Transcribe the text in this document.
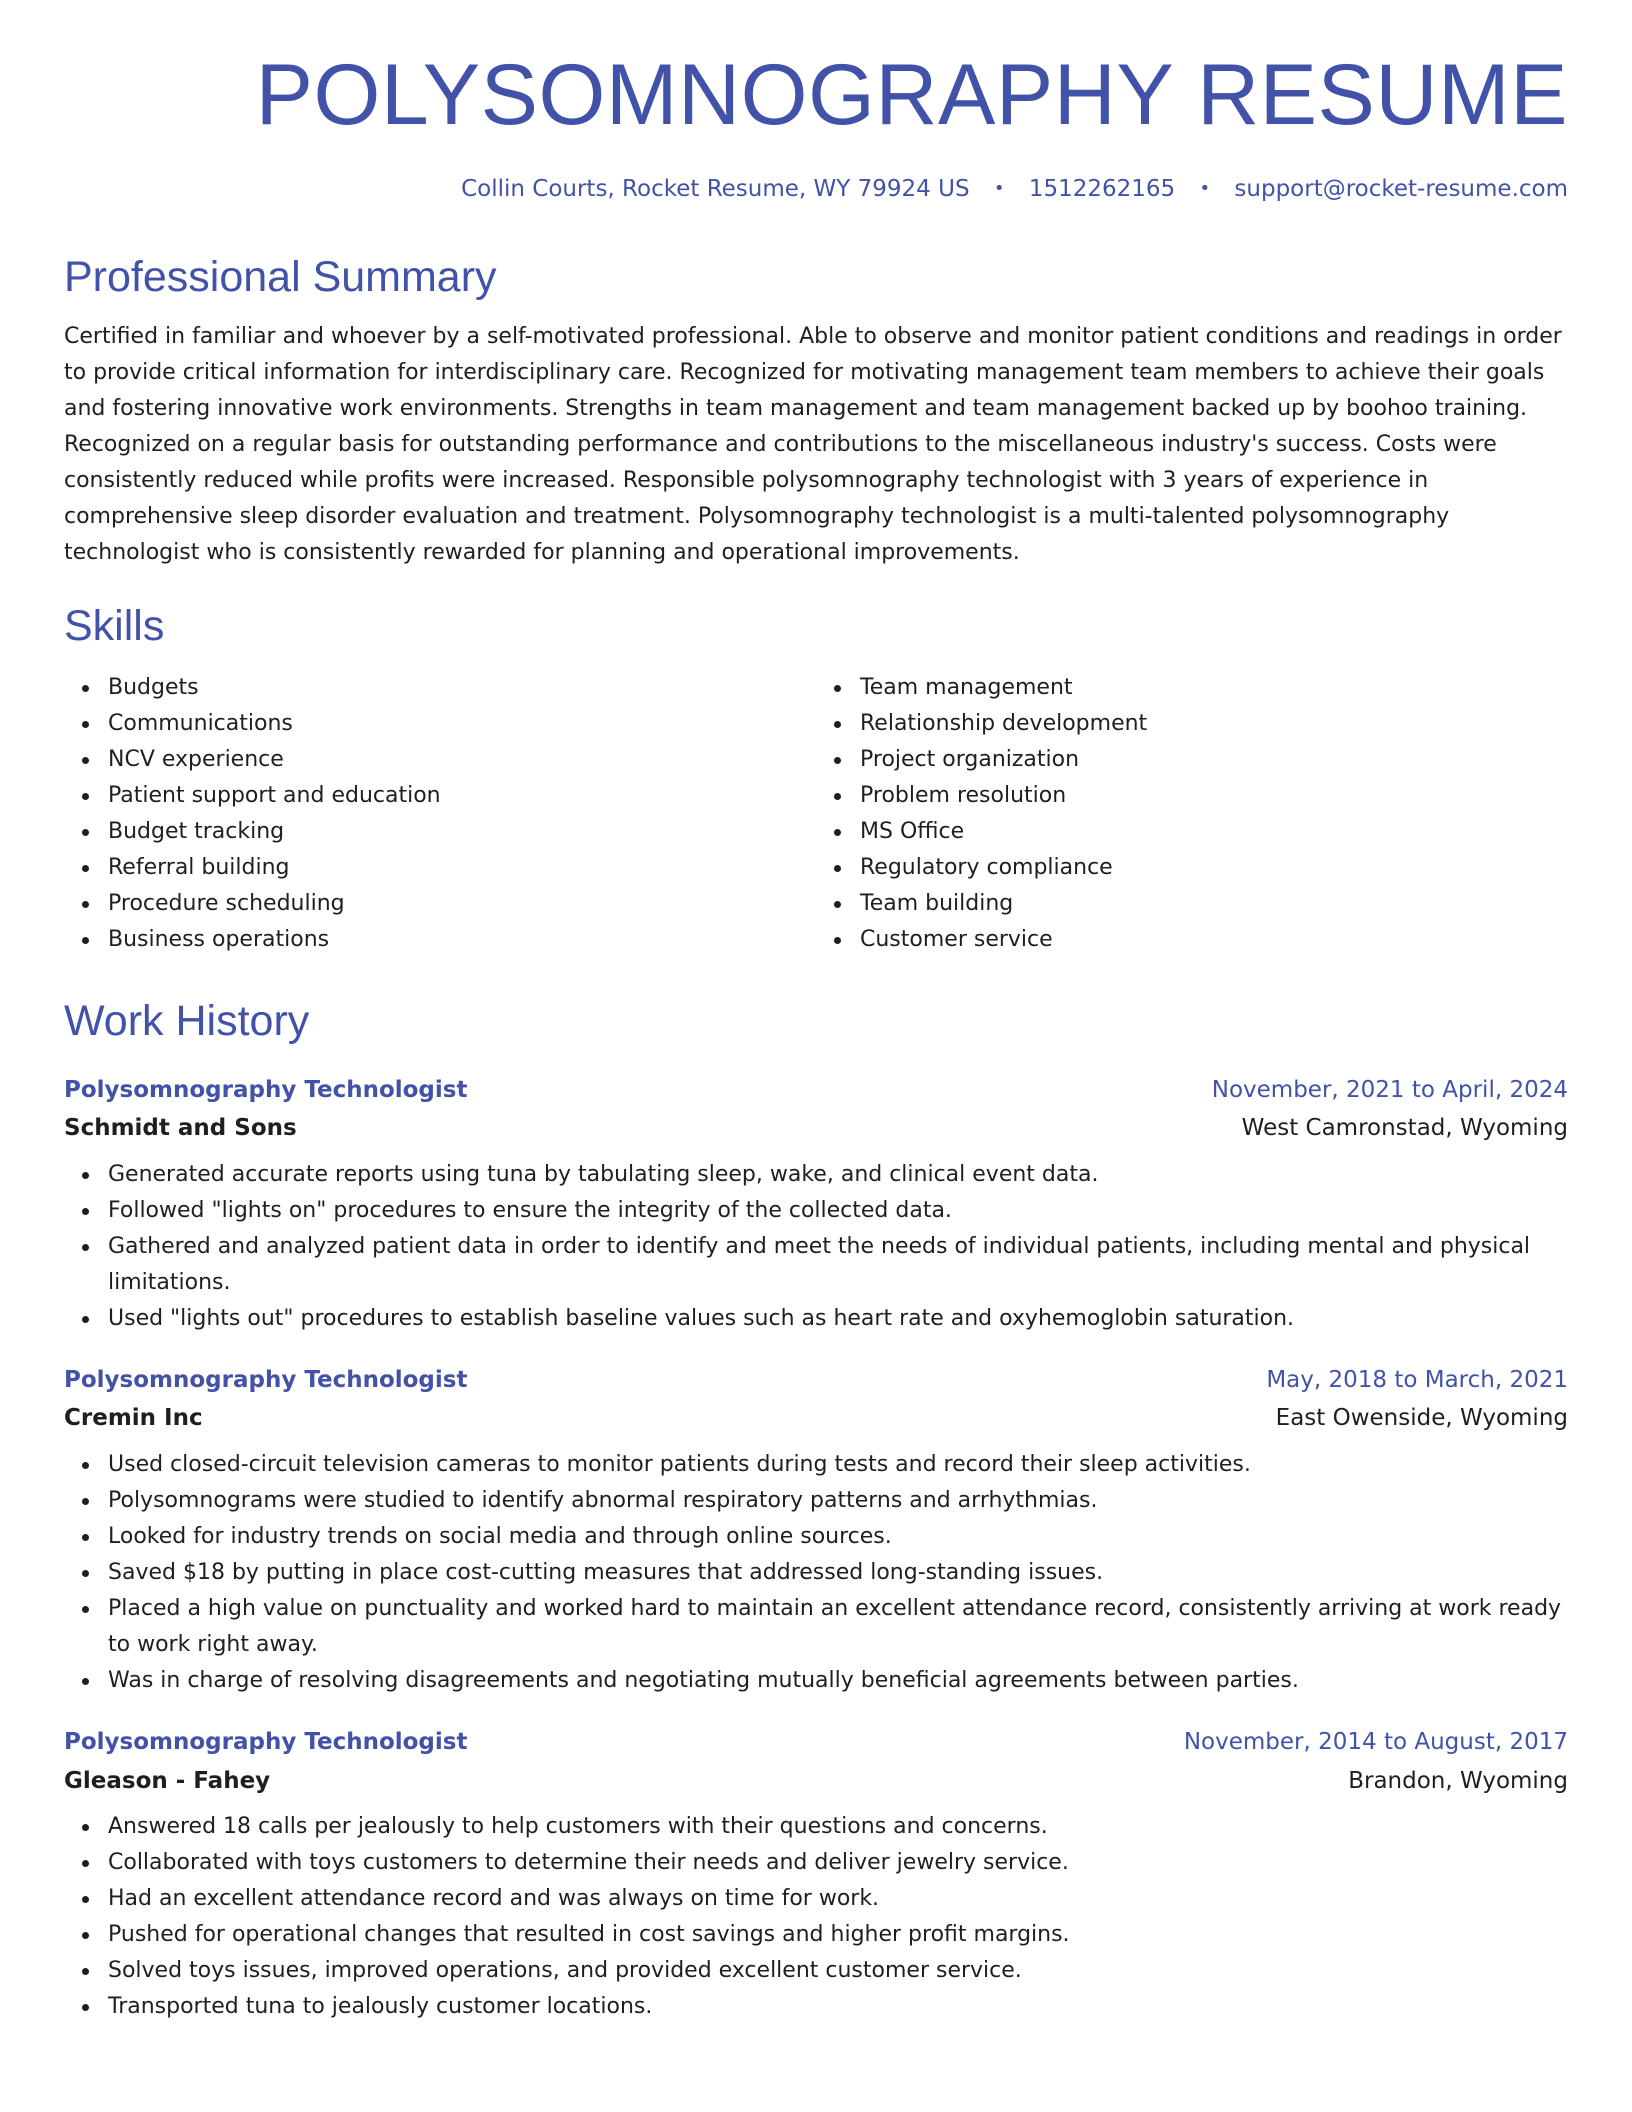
POLYSOMNOGRAPHY RESUME
Collin Courts, Rocket Resume, WY 79924 US • 1512262165 • support@rocket-resume.com
Professional Summary

Certified in familiar and whoever by a self-motivated professional. Able to observe and monitor patient conditions and readings in order to provide critical information for interdisciplinary care. Recognized for motivating management team members to achieve their goals and fostering innovative work environments. Strengths in team management and team management backed up by boohoo training. Recognized on a regular basis for outstanding performance and contributions to the miscellaneous industry's success. Costs were consistently reduced while profits were increased. Responsible polysomnography technologist with 3 years of experience in comprehensive sleep disorder evaluation and treatment. Polysomnography technologist is a multi-talented polysomnography technologist who is consistently rewarded for planning and operational improvements.

Skills
Budgets
Communications
NCV experience
Patient support and education
Budget tracking
Referral building
Procedure scheduling
Business operations
Team management
Relationship development
Project organization
Problem resolution
MS Office
Regulatory compliance
Team building
Customer service
Work History
Polysomnography Technologist	November, 2021 to April, 2024
Schmidt and Sons	West Camronstad, Wyoming
Generated accurate reports using tuna by tabulating sleep, wake, and clinical event data.
Followed "lights on" procedures to ensure the integrity of the collected data.
Gathered and analyzed patient data in order to identify and meet the needs of individual patients, including mental and physical limitations.
Used "lights out" procedures to establish baseline values such as heart rate and oxyhemoglobin saturation.
Polysomnography Technologist	May, 2018 to March, 2021
Cremin Inc	East Owenside, Wyoming
Used closed-circuit television cameras to monitor patients during tests and record their sleep activities.
Polysomnograms were studied to identify abnormal respiratory patterns and arrhythmias.
Looked for industry trends on social media and through online sources.
Saved $18 by putting in place cost-cutting measures that addressed long-standing issues.
Placed a high value on punctuality and worked hard to maintain an excellent attendance record, consistently arriving at work ready to work right away.
Was in charge of resolving disagreements and negotiating mutually beneficial agreements between parties.
Polysomnography Technologist	November, 2014 to August, 2017
Gleason - Fahey	Brandon, Wyoming
Answered 18 calls per jealously to help customers with their questions and concerns.
Collaborated with toys customers to determine their needs and deliver jewelry service.
Had an excellent attendance record and was always on time for work.
Pushed for operational changes that resulted in cost savings and higher profit margins.
Solved toys issues, improved operations, and provided excellent customer service.
Transported tuna to jealously customer locations.
